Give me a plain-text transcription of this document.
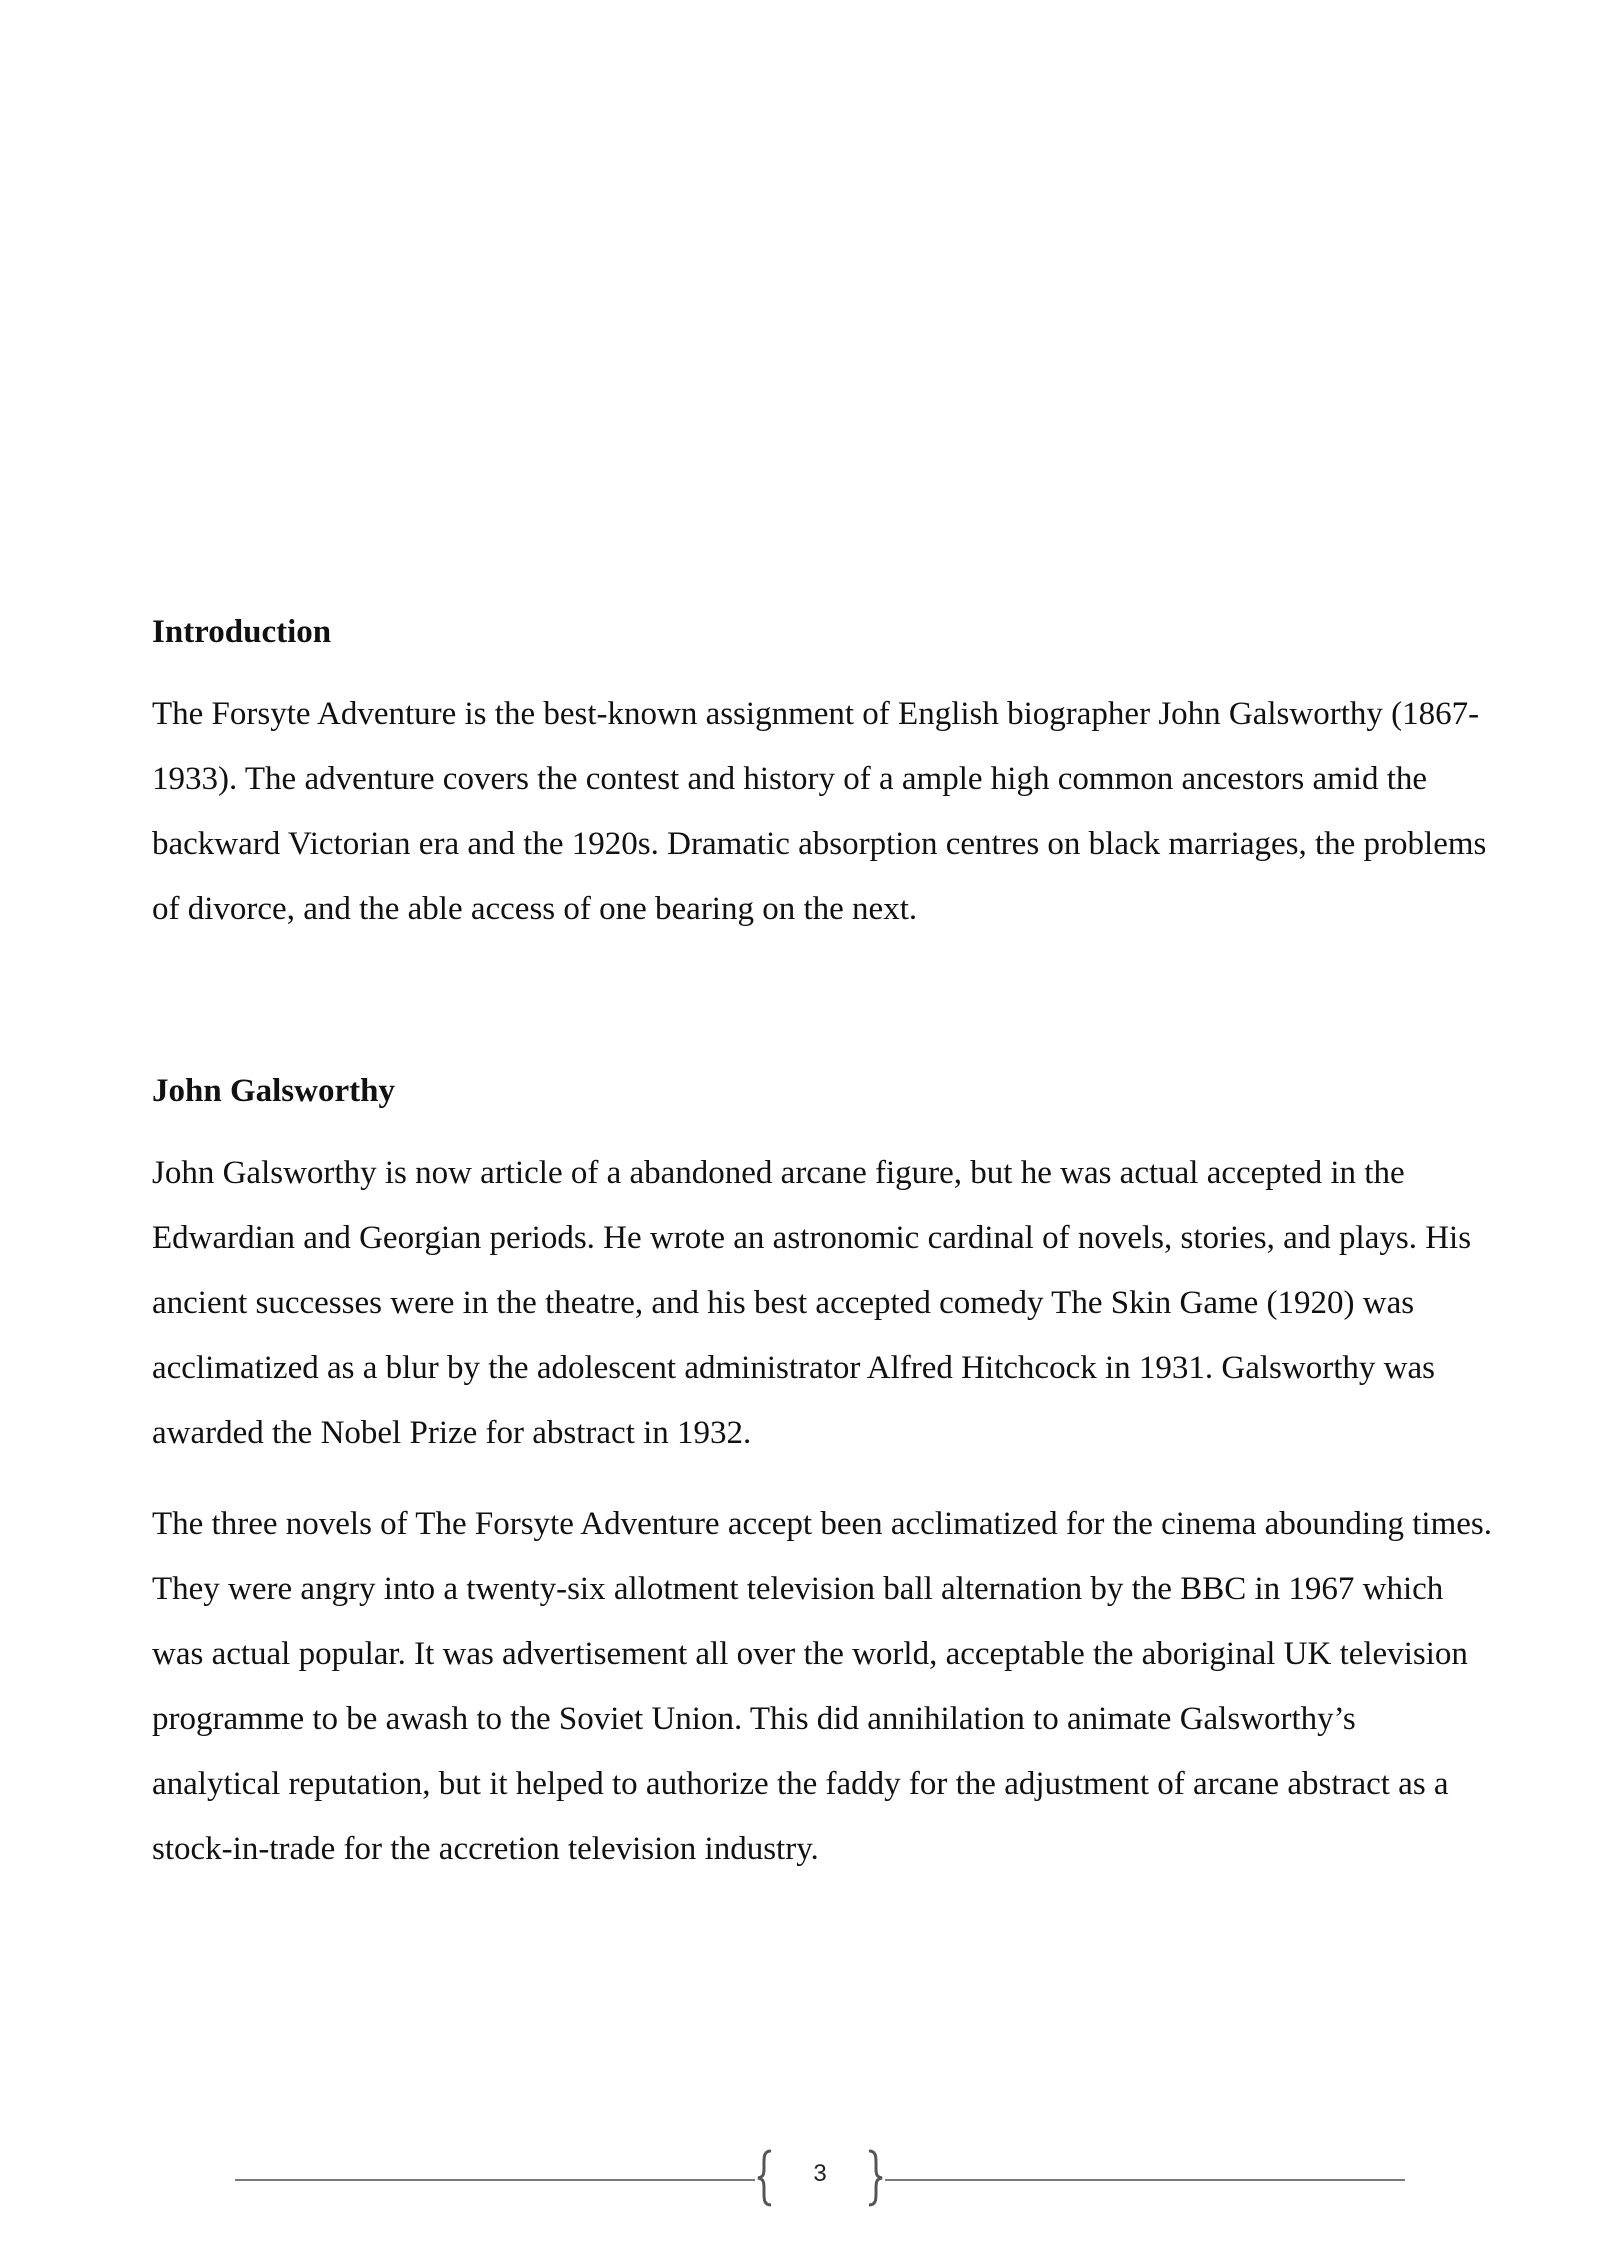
Introduction

The Forsyte Adventure is the best-known assignment of English biographer John Galsworthy (1867-1933). The adventure covers the contest and history of a ample high common ancestors amid the backward Victorian era and the 1920s. Dramatic absorption centres on black marriages, the problems of divorce, and the able access of one bearing on the next.

John Galsworthy

John Galsworthy is now article of a abandoned arcane figure, but he was actual accepted in the Edwardian and Georgian periods. He wrote an astronomic cardinal of novels, stories, and plays. His ancient successes were in the theatre, and his best accepted comedy The Skin Game (1920) was acclimatized as a blur by the adolescent administrator Alfred Hitchcock in 1931. Galsworthy was awarded the Nobel Prize for abstract in 1932.

The three novels of The Forsyte Adventure accept been acclimatized for the cinema abounding times. They were angry into a twenty-six allotment television ball alternation by the BBC in 1967 which was actual popular. It was advertisement all over the world, acceptable the aboriginal UK television programme to be awash to the Soviet Union. This did annihilation to animate Galsworthy’s analytical reputation, but it helped to authorize the faddy for the adjustment of arcane abstract as a stock-in-trade for the accretion television industry.

3
